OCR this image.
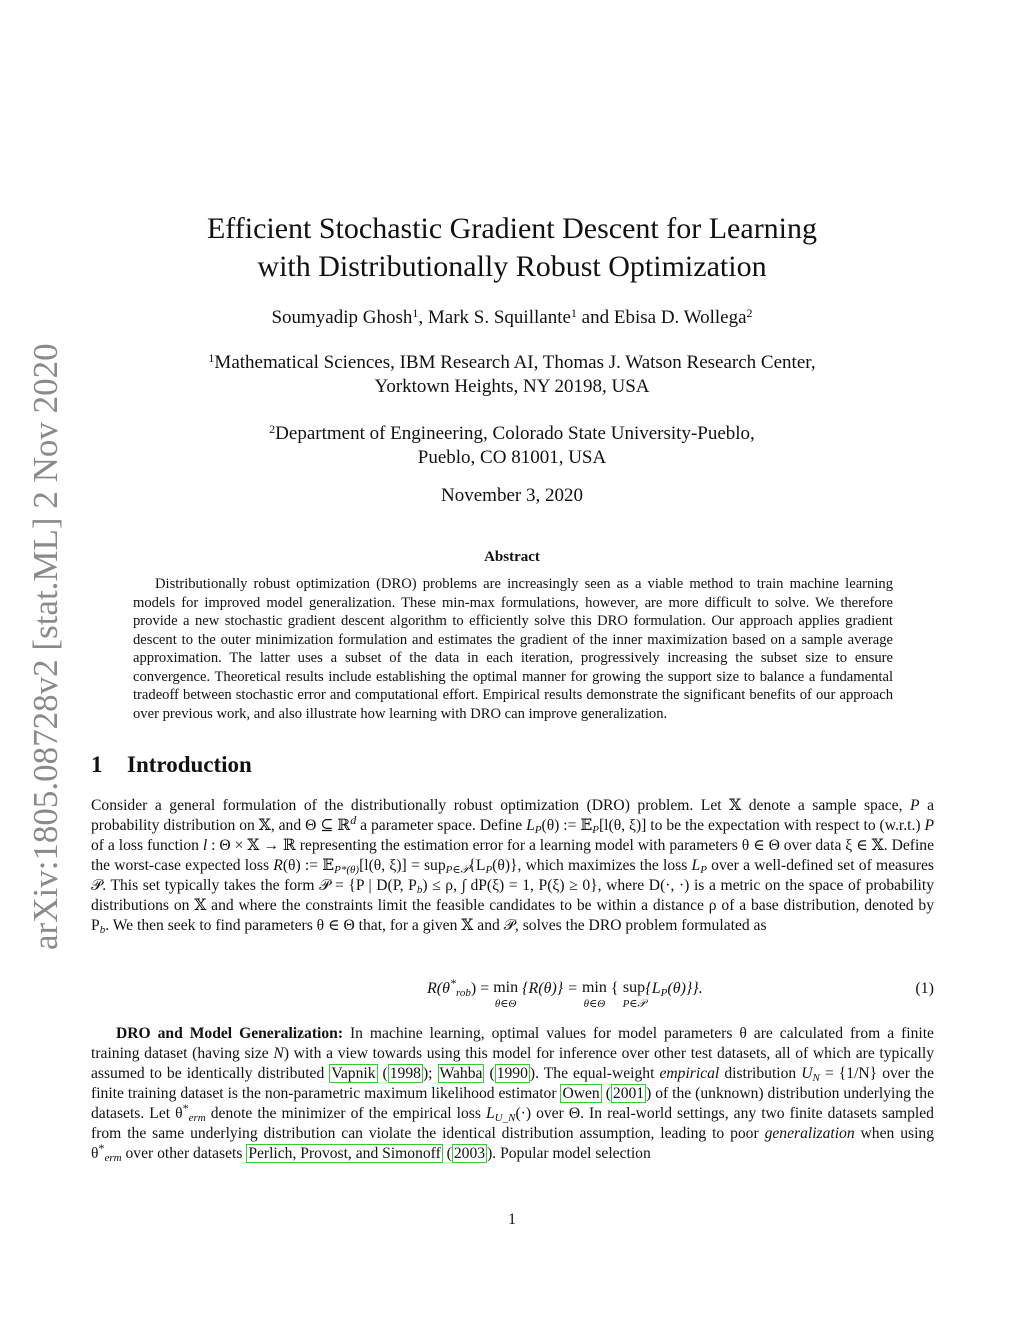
arXiv:1805.08728v2 [stat.ML] 2 Nov 2020
Efficient Stochastic Gradient Descent for Learning
with Distributionally Robust Optimization
Soumyadip Ghosh$^1$, Mark S. Squillante$^1$ and Ebisa D. Wollega$^2$
$^1$Mathematical Sciences, IBM Research AI, Thomas J. Watson Research Center,
Yorktown Heights, NY 20198, USA
$^2$Department of Engineering, Colorado State University-Pueblo,
Pueblo, CO 81001, USA
November 3, 2020
Abstract

Distributionally robust optimization (DRO) problems are increasingly seen as a viable method to train machine learning models for improved model generalization. These min-max formulations, however, are more difficult to solve. We therefore provide a new stochastic gradient descent algorithm to efficiently solve this DRO formulation. Our approach applies gradient descent to the outer minimization formulation and estimates the gradient of the inner maximization based on a sample average approximation. The latter uses a subset of the data in each iteration, progressively increasing the subset size to ensure convergence. Theoretical results include establishing the optimal manner for growing the support size to balance a fundamental tradeoff between stochastic error and computational effort. Empirical results demonstrate the significant benefits of our approach over previous work, and also illustrate how learning with DRO can improve generalization.

1 Introduction

Consider a general formulation of the distributionally robust optimization (DRO) problem. Let 𝕏 denote a sample space, P a probability distribution on 𝕏, and Θ ⊆ ℝ$^d$ a parameter space. Define $L_P(\theta)$ := 𝔼$_P$[l(θ, ξ)] to be the expectation with respect to (w.r.t.) P of a loss function l : Θ × 𝕏 → ℝ representing the estimation error for a learning model with parameters θ ∈ Θ over data ξ ∈ 𝕏. Define the worst-case expected loss R(θ) := 𝔼$_{P*(\theta)}$[l(θ, $\xi)] = sup_{P\in 𝒫}\{L_P(\theta)\}$, which maximizes the loss $L_P$ over a well-defined set of measures 𝒫. This set typically takes the form 𝒫 = {P | D(P, $P_b) \le \rho$, ∫ dP(ξ) = 1, P(ξ) ≥ 0}, where D(·, ·) is a metric on the space of probability distributions on 𝕏 and where the constraints limit the feasible candidates to be within a distance ρ of a base distribution, denoted by $P_b$. We then seek to find parameters θ ∈ Θ that, for a given 𝕏 and 𝒫, solves the DRO problem formulated as

$R(\theta^*_{rob}) = \min$
θ∈Θ
{R(θ)} = min
θ∈Θ
{ sup
P∈𝒫
$\{L_P(\theta)\}$}.	(1)

DRO and Model Generalization: In machine learning, optimal values for model parameters θ are calculated from a finite training dataset (having size N) with a view towards using this model for inference over other test datasets, all of which are typically assumed to be identically distributed Vapnik ( 1998 ); Wahba ( 1990 ). The equal-weight empirical distribution $U_N = \{1/N\}$ over the finite training dataset is the non-parametric maximum likelihood estimator Owen ( 2001 ) of the (unknown) distribution underlying the datasets. Let $\theta^*_{erm}$ denote the minimizer of the empirical loss $L_{U\_N}(\cdot)$ over Θ. In real-world settings, any two finite datasets sampled from the same underlying distribution can violate the identical distribution assumption, leading to poor generalization when using $\theta^*_{erm}$ over other datasets Perlich, Provost, and Simonoff ( 2003 ). Popular model selection

1
